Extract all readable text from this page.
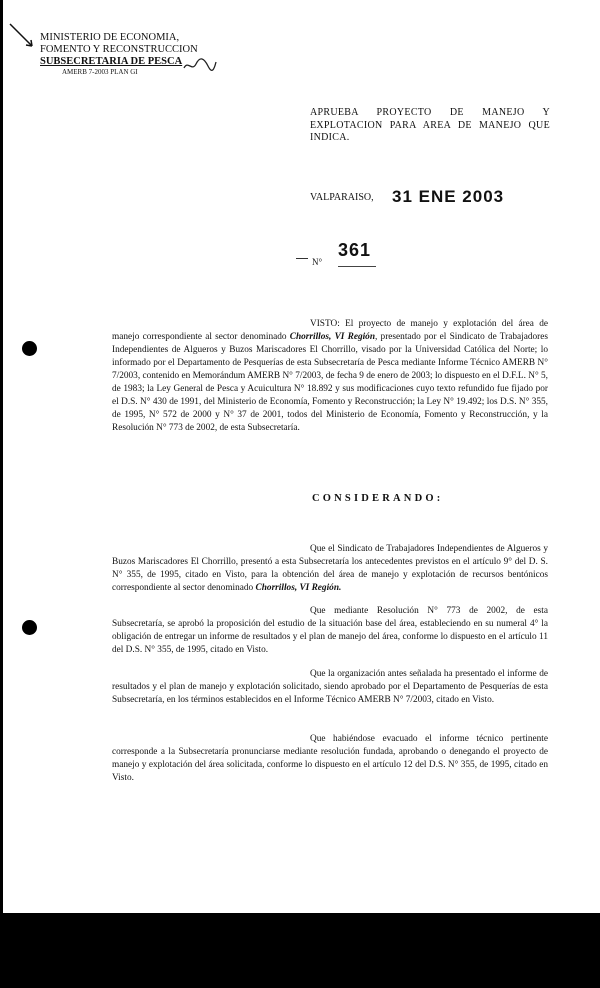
MINISTERIO DE ECONOMIA,
FOMENTO Y RECONSTRUCCION
SUBSECRETARIA DE PESCA
AMERB 7-2003 PLAN GI
APRUEBA PROYECTO DE MANEJO Y EXPLOTACION PARA AREA DE MANEJO QUE INDICA.
VALPARAISO, 31 ENE 2003
N°
361
VISTO: El proyecto de manejo y explotación del área de manejo correspondiente al sector denominado Chorrillos, VI Región, presentado por el Sindicato de Trabajadores Independientes de Algueros y Buzos Mariscadores El Chorrillo, visado por la Universidad Católica del Norte; lo informado por el Departamento de Pesquerías de esta Subsecretaría de Pesca mediante Informe Técnico AMERB N° 7/2003, contenido en Memorándum AMERB N° 7/2003, de fecha 9 de enero de 2003; lo dispuesto en el D.F.L. N° 5, de 1983; la Ley General de Pesca y Acuicultura N° 18.892 y sus modificaciones cuyo texto refundido fue fijado por el D.S. N° 430 de 1991, del Ministerio de Economía, Fomento y Reconstrucción; la Ley N° 19.492; los D.S. N° 355, de 1995, N° 572 de 2000 y N° 37 de 2001, todos del Ministerio de Economía, Fomento y Reconstrucción, y la Resolución N° 773 de 2002, de esta Subsecretaría.
CONSIDERANDO:
Que el Sindicato de Trabajadores Independientes de Algueros y Buzos Mariscadores El Chorrillo, presentó a esta Subsecretaría los antecedentes previstos en el artículo 9° del D. S. N° 355, de 1995, citado en Visto, para la obtención del área de manejo y explotación de recursos bentónicos correspondiente al sector denominado Chorrillos, VI Región.
Que mediante Resolución N° 773 de 2002, de esta Subsecretaría, se aprobó la proposición del estudio de la situación base del área, estableciendo en su numeral 4° la obligación de entregar un informe de resultados y el plan de manejo del área, conforme lo dispuesto en el artículo 11 del D.S. N° 355, de 1995, citado en Visto.
Que la organización antes señalada ha presentado el informe de resultados y el plan de manejo y explotación solicitado, siendo aprobado por el Departamento de Pesquerías de esta Subsecretaría, en los términos establecidos en el Informe Técnico AMERB N° 7/2003, citado en Visto.
Que habiéndose evacuado el informe técnico pertinente corresponde a la Subsecretaría pronunciarse mediante resolución fundada, aprobando o denegando el proyecto de manejo y explotación del área solicitada, conforme lo dispuesto en el artículo 12 del D.S. N° 355, de 1995, citado en Visto.
